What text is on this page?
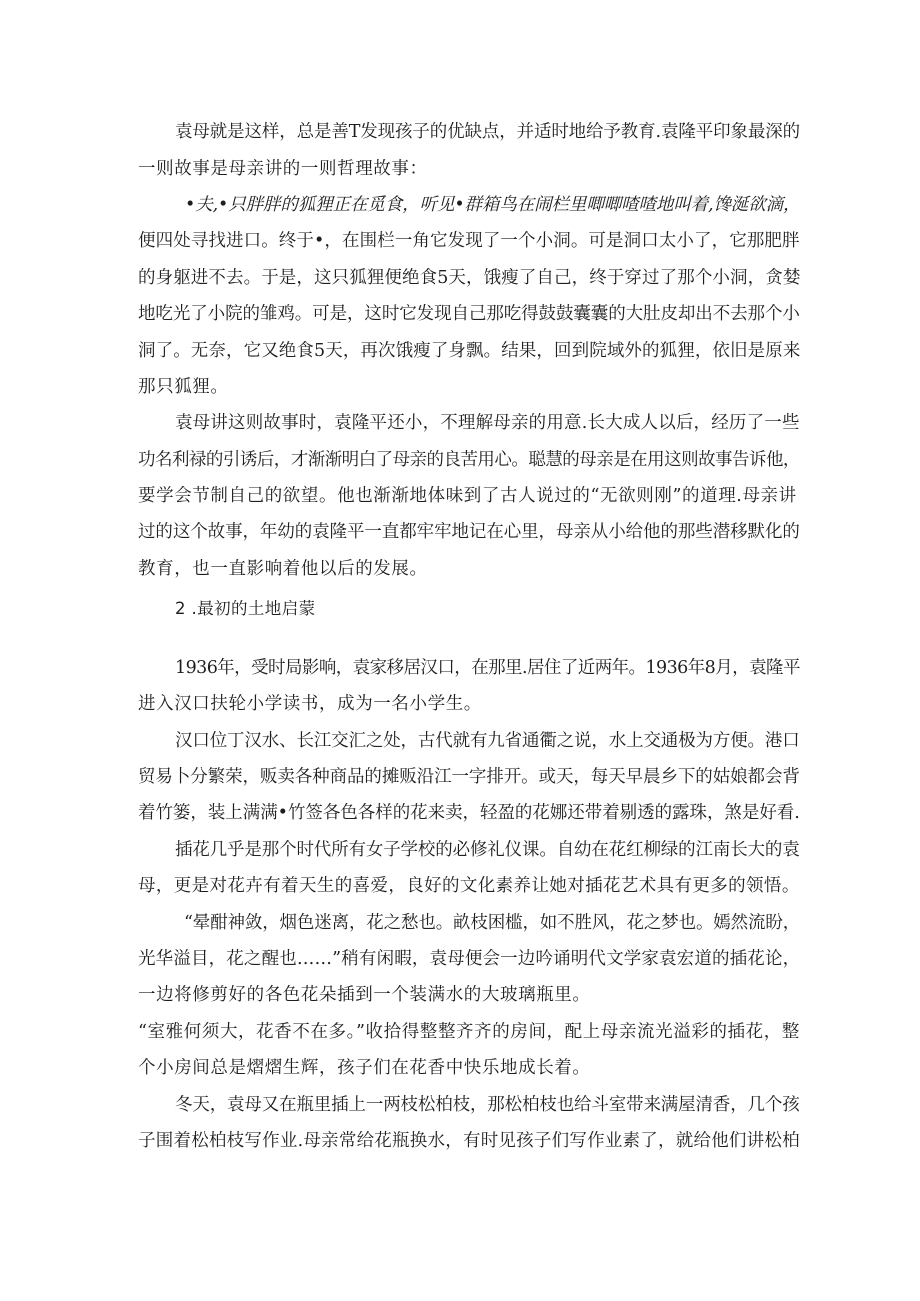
袁母就是这样，总是善T发现孩子的优缺点，并适时地给予教育.袁隆平印象最深的
一则故事是母亲讲的一则哲理故事：
•夫,•只胖胖的狐狸正在觅食，听见•群箱鸟在闹栏里唧唧喳喳地叫着,馋涎欲滴，
便四处寻找进口。终于•，在围栏一角它发现了一个小洞。可是洞口太小了，它那肥胖
的身躯进不去。于是，这只狐狸便绝食5天，饿瘦了自己，终于穿过了那个小洞，贪婪
地吃光了小院的雏鸡。可是，这时它发现自己那吃得鼓鼓囊囊的大肚皮却出不去那个小
洞了。无奈，它又绝食5天，再次饿瘦了身飘。结果，回到院域外的狐狸，依旧是原来
那只狐狸。
袁母讲这则故事时，袁隆平还小，不理解母亲的用意.长大成人以后，经历了一些
功名利禄的引诱后，才渐渐明白了母亲的良苦用心。聪慧的母亲是在用这则故事告诉他，
要学会节制自己的欲望。他也渐渐地体味到了古人说过的“无欲则刚”的道理.母亲讲
过的这个故事，年幼的袁隆平一直都牢牢地记在心里，母亲从小给他的那些潜移默化的
教育，也一直影响着他以后的发展。
2 .最初的土地启蒙
1936年，受时局影响，袁家移居汉口，在那里.居住了近两年。1936年8月，袁隆平
进入汉口扶轮小学读书，成为一名小学生。
汉口位丁汉水、长江交汇之处，古代就有九省通衢之说，水上交通极为方便。港口
贸易卜分繁荣，贩卖各种商品的摊贩沿江一字排开。或天，每天早晨乡下的姑娘都会背
着竹篓，装上满满•竹签各色各样的花来卖，轻盈的花娜还带着剔透的露珠，煞是好看.
插花几乎是那个时代所有女子学校的必修礼仪课。自幼在花红柳绿的江南长大的袁
母，更是对花卉有着天生的喜爱，良好的文化素养让她对插花艺术具有更多的领悟。
“晕酣神敛，烟色迷离，花之愁也。畝枝困槛，如不胜风，花之梦也。嫣然流盼，
光华溢目，花之醒也……”稍有闲暇，袁母便会一边吟诵明代文学家袁宏道的插花论，
一边将修剪好的各色花朵插到一个装满水的大玻璃瓶里。
“室雅何须大，花香不在多。”收拾得整整齐齐的房间，配上母亲流光溢彩的插花，整
个小房间总是熠熠生辉，孩子们在花香中快乐地成长着。
冬天，袁母又在瓶里插上一两枝松柏枝，那松柏枝也给斗室带来满屋清香，几个孩
子围着松柏枝写作业.母亲常给花瓶换水，有时见孩子们写作业素了，就给他们讲松柏
